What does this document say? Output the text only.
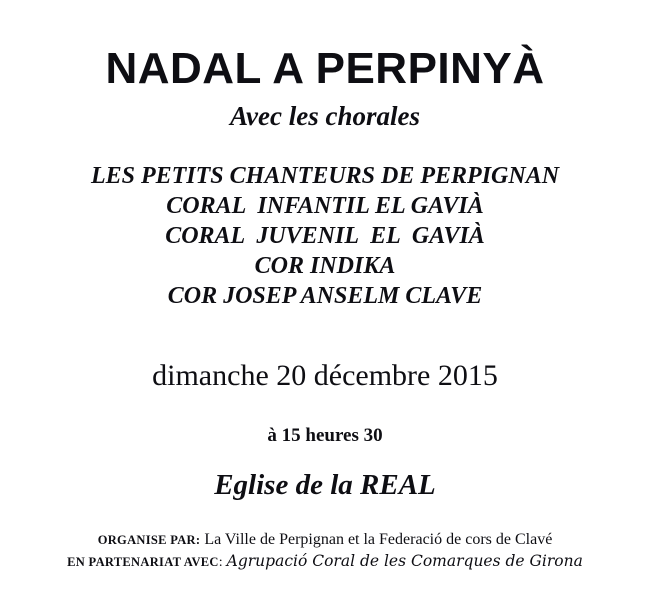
NADAL A PERPINYÀ
Avec les chorales
LES PETITS CHANTEURS DE PERPIGNAN
CORAL  INFANTIL EL GAVIÀ
CORAL  JUVENIL  EL  GAVIÀ
COR INDIKA
COR JOSEP ANSELM CLAVE
dimanche 20 décembre 2015
à 15 heures 30
Eglise de la REAL
ORGANISE PAR: La Ville de Perpignan et la Federació de cors de Clavé
EN PARTENARIAT AVEC: Agrupació Coral de les Comarques de Girona
